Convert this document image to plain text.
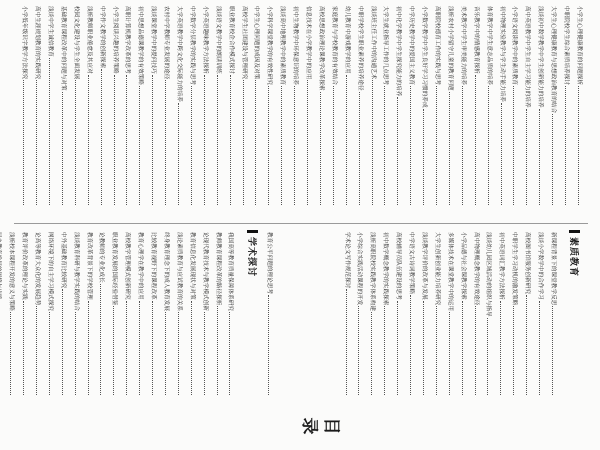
小学生心理健康教育的问题探析
中职院校学生综合素质培养探讨
大学生心理健康教育与思想政治教育的结合
浅谈初中数学教学中学生创新能力的培养
高中英语教学中学生自主学习能力的培养
小学语文阅读教学中的素质教育
初中物理实验教学与学生动手能力培养
体育教学中学生意志品质的培养
音乐教学中的情感教育探析
美术教学中学生审美能力的培养
浅析农村小学留守儿童的教育问题
高职院校德育工作的实践与思考
小学数学教学中学生良好学习习惯的养成
中学历史教学中的爱国主义教育
初中化学教学中学生探究能力的培养
大学生就业指导工作的几点思考
浅谈班主任工作中的沟通艺术
中职学校学生职业素养的培养途径
幼儿教育中游戏教学的应用
家庭教育与学校教育的有效结合
高校思想政治理论课教学改革探索
信息技术在小学教学中的应用
初中生物教学中环保意识的培养
浅谈高中地理教学中的素质教育
小学科学课堂教学的有效性研究
中学生心理问题的成因及对策
高校学生社团建设与管理研究
职业教育校企合作模式探讨
浅谈语文教学中的朗读训练
小学英语趣味教学方法探析
中学数学分层教学的实践与思考
大学英语教学中跨文化交际能力的培养
农村中学教师专业发展的途径
浅谈课堂教学中的提问技巧
初中思想品德课教学的有效策略
高职计算机教学改革的思考
小学生阅读兴趣的培养策略
中学作文教学的创新探索
浅析教师职业倦怠及其应对
校园文化建设与学生全面发展
基础教育课程改革中的问题与对策
浅谈中学生诚信教育
高中生涯规划教育的实践研究
小学低年级识字教学方法探究
素质教育
学术探讨
目
录
新课程背景下的课堂教学反思
浅谈小学数学中的合作学习
高校图书馆服务创新研究
中职学生学习动机的激发策略
初中英语词汇教学方法探析
浅谈幼儿园区域活动的组织与指导
高中物理概念教学的有效途径
小学品德与社会课教学探索
多媒体技术在课堂教学中的运用
大学生创新创业能力培养研究
浅谈教学评价的改革与发展
中学语文古诗词教学策略
高校辅导员队伍建设的思考
初中数学概念教学的实践探索
浅析高职院校实践教学体系构建
小学综合实践活动课程的开发
学术论文写作规范探讨
教育公平问题的理论思考
我国高等教育质量保障体系研究
教师教育课程改革的路径探析
论现代教育技术与教学模式创新
教育信息化发展现状与对策
浅论素质教育与应试教育的关系
终身教育理念下的成人教育发展
比较教育视野下的课程改革
教育心理学在教学中的应用
高校教学管理模式创新研究
职业教育发展的国际经验借鉴
论教师的专业化成长
教育改革背景下的学校管理
浅谈教育科研与教学实践的结合
中外基础教育比较研究
网络环境下的自主学习模式探究
论高等教育大众化的发展趋势
教育评价改革的理论与实践
浅析校本课程开发的意义与策略
